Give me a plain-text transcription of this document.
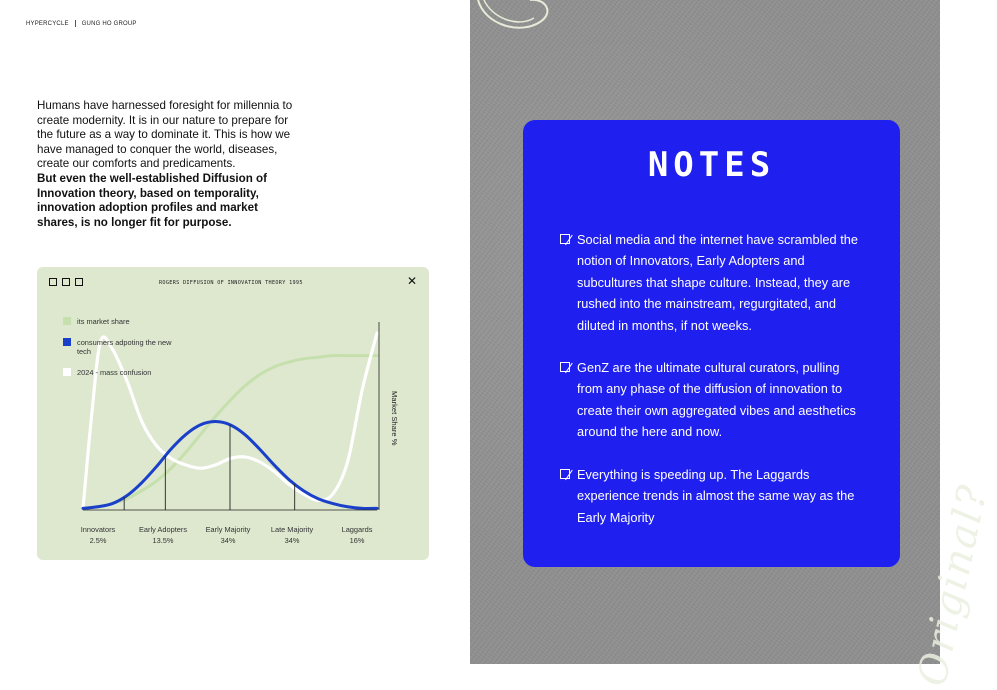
HYPERCYCLE GUNG HO GROUP
Humans have harnessed foresight for millennia to create modernity. It is in our nature to prepare for the future as a way to dominate it. This is how we have managed to conquer the world, diseases, create our comforts and predicaments.
But even the well-established Diffusion of Innovation theory, based on temporality, innovation adoption profiles and market shares, is no longer fit for purpose.
ROGERS DIFFUSION OF INNOVATION THEORY 1995	✕
its market share
consumers adpoting the new tech
2024 - mass confusion
Market Share %
Innovators
2.5%
Early Adopters
13.5%
Early Majority
34%
Late Majority
34%
Laggards
16%
NOTES
Social media and the internet have scrambled the notion of Innovators, Early Adopters and subcultures that shape culture. Instead, they are rushed into the mainstream, regurgitated, and diluted in months, if not weeks.
GenZ are the ultimate cultural curators, pulling from any phase of the diffusion of innovation to create their own aggregated vibes and aesthetics around the here and now.
Everything is speeding up. The Laggards experience trends in almost the same way as the Early Majority	Original?
